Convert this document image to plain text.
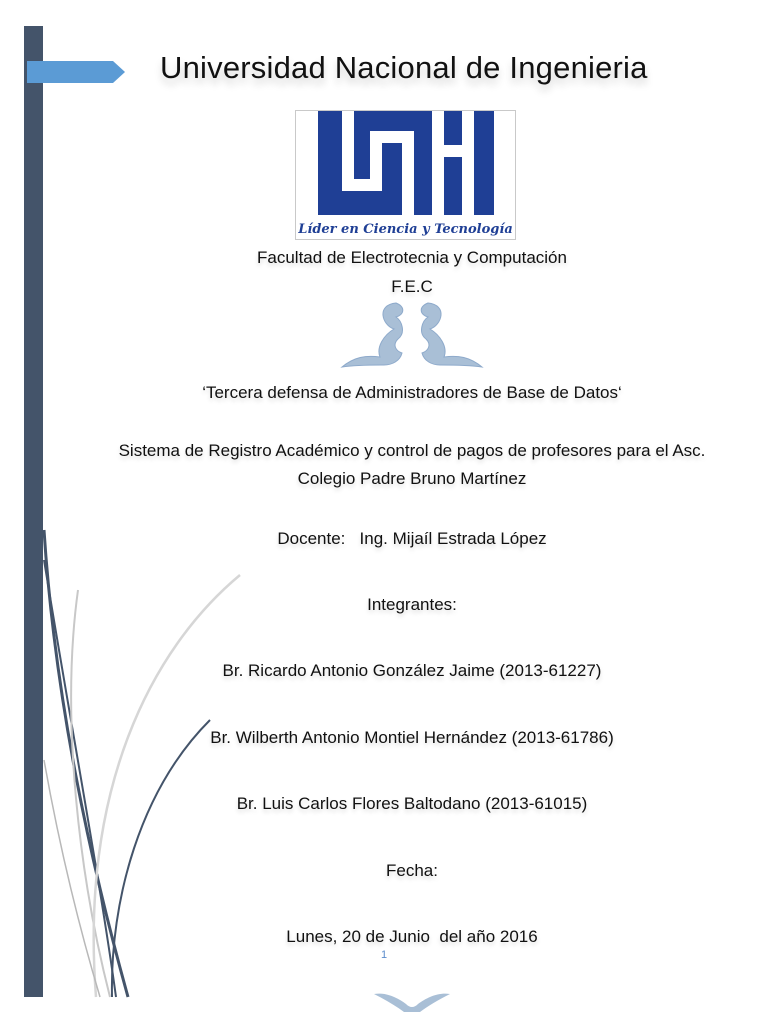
Universidad Nacional de Ingenieria
Líder en Ciencia y Tecnología
Facultad de Electrotecnia y Computación
F.E.C
‘Tercera defensa de Administradores de Base de Datos‘
Sistema de Registro Académico y control de pagos de profesores para el Asc.
Colegio Padre Bruno Martínez
Docente:   Ing. Mijaíl Estrada López
Integrantes:
Br. Ricardo Antonio González Jaime (2013-61227)
Br. Wilberth Antonio Montiel Hernández (2013-61786)
Br. Luis Carlos Flores Baltodano (2013-61015)
Fecha:
Lunes, 20 de Junio  del año 2016
1
